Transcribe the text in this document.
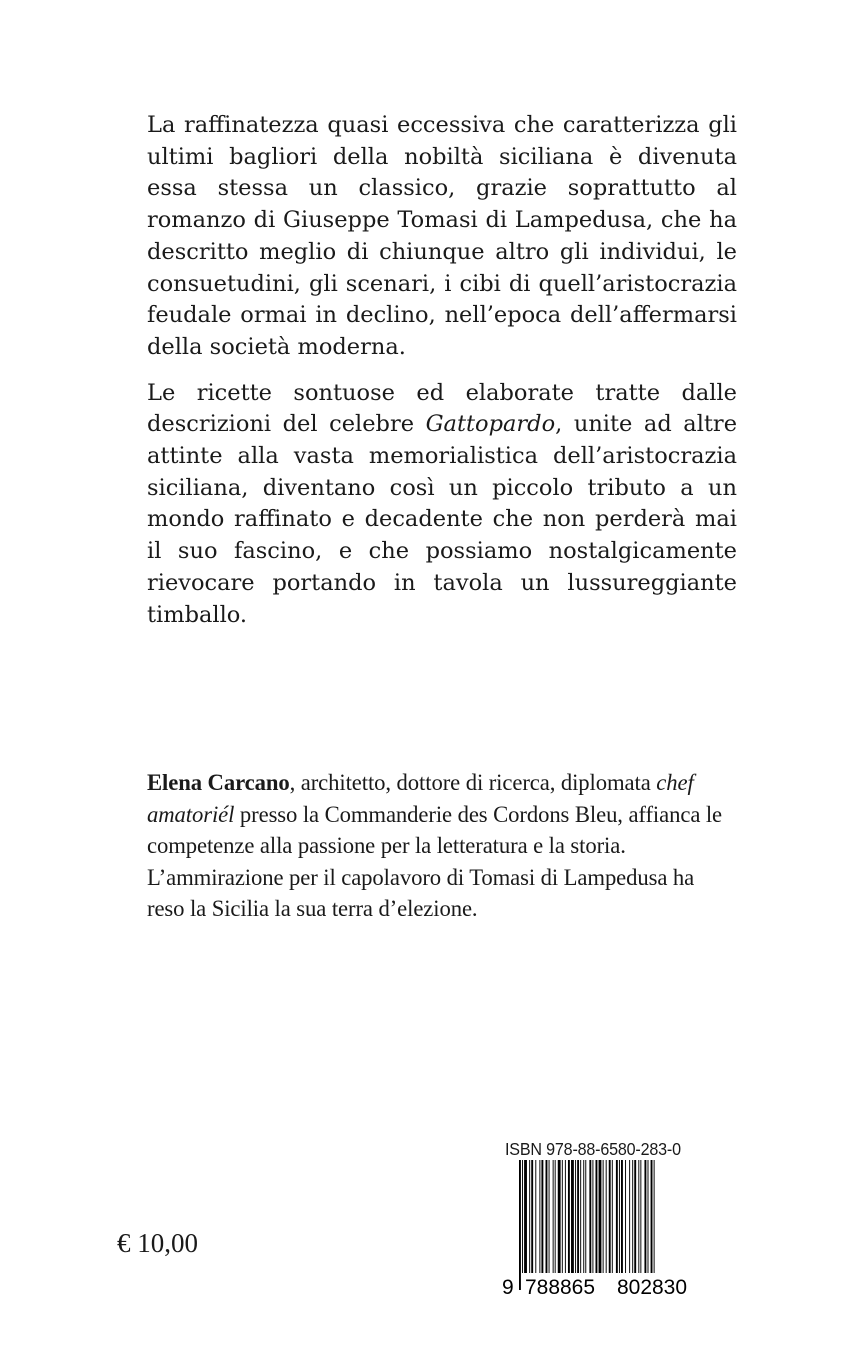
La raffinatezza quasi eccessiva che caratterizza gli ultimi bagliori della nobiltà siciliana è divenuta essa stessa un classico, grazie soprattutto al romanzo di Giuseppe Tomasi di Lampedusa, che ha descritto meglio di chiunque altro gli individui, le consuetudini, gli scenari, i cibi di quell’aristocrazia feudale ormai in declino, nell’epoca dell’affermarsi della società moderna.

Le ricette sontuose ed elaborate tratte dalle descrizioni del celebre Gattopardo, unite ad altre attinte alla vasta memorialistica dell’aristocrazia siciliana, diventano così un piccolo tributo a un mondo raffinato e decadente che non perderà mai il suo fascino, e che possiamo nostalgicamente rievocare portando in tavola un lussureggiante timballo.

Elena Carcano, architetto, dottore di ricerca, diplomata chef amatoriél presso la Commanderie des Cordons Bleu, affianca le competenze alla passione per la letteratura e la storia. L’ammirazione per il capolavoro di Tomasi di Lampedusa ha reso la Sicilia la sua terra d’elezione.

€ 10,00
ISBN 978-88-6580-283-0
9 788865 802830
